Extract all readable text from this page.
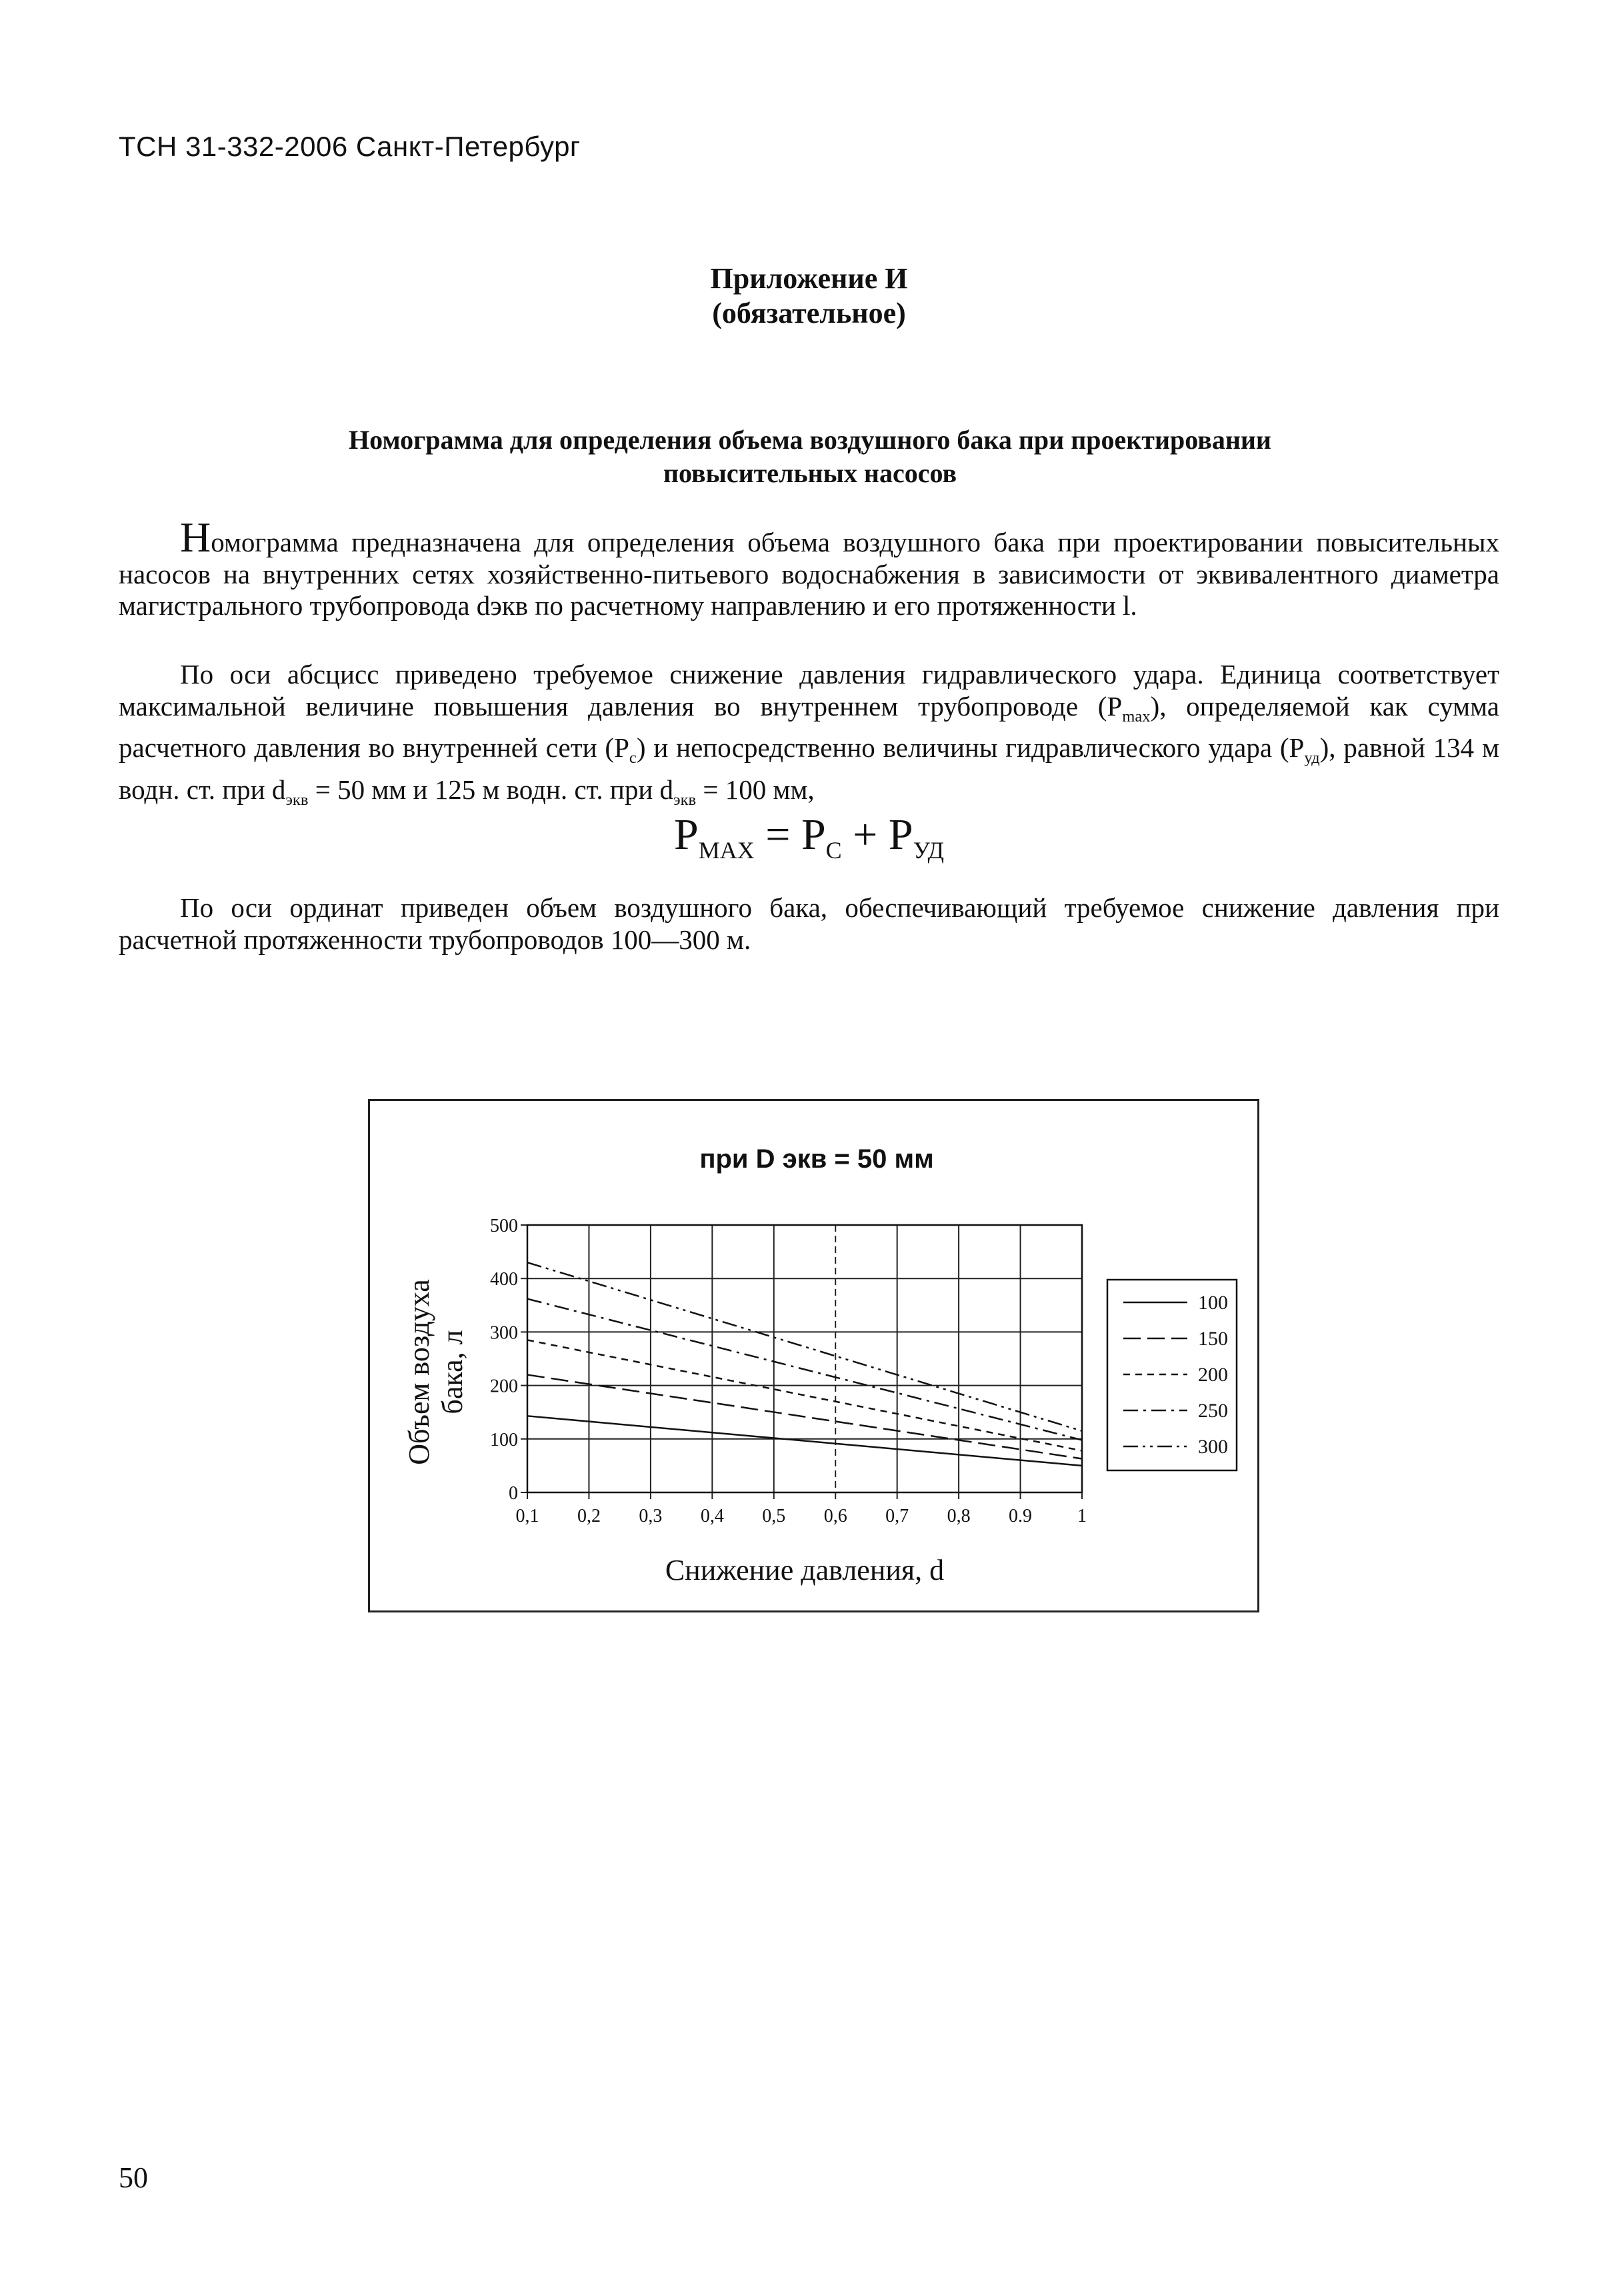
ТСН 31-332-2006 Санкт-Петербург
Приложение И
(обязательное)
Номограмма для определения объема воздушного бака при проектировании
повысительных насосов

Номограмма предназначена для определения объема воздушного бака при проектировании повысительных насосов на внутренних сетях хозяйственно-питьевого водоснабжения в зависимости от эквивалентного диаметра магистрального трубопровода dэкв по расчетному направлению и его протяженности l.

По оси абсцисс приведено требуемое снижение давления гидравлического удара. Единица соответствует максимальной величине повышения давления во внутреннем трубопроводе $(P_{max})$, определяемой как сумма расчетного давления во внутренней сети $(P_c)$ и непосредственно величины гидравлического удара $(P_{уд})$, равной 134 м водн. ст. при $d_{экв} = 50$ мм и 125 м водн. ст. при $d_{экв} = 100$ мм,

$P_{MAX} = P_C + P_{УД}$

По оси ординат приведен объем воздушного бака, обеспечивающий требуемое снижение давления при расчетной протяженности трубопроводов 100—300 м.

при D экв = 50 мм
0
100
200
300
400
500
0,1 0,2 0,3 0,4 0,5 0,6 0,7 0,8 0.9 1
Снижение давления, d
Объем воздуха бака, л
100
150
200
250
300
50
